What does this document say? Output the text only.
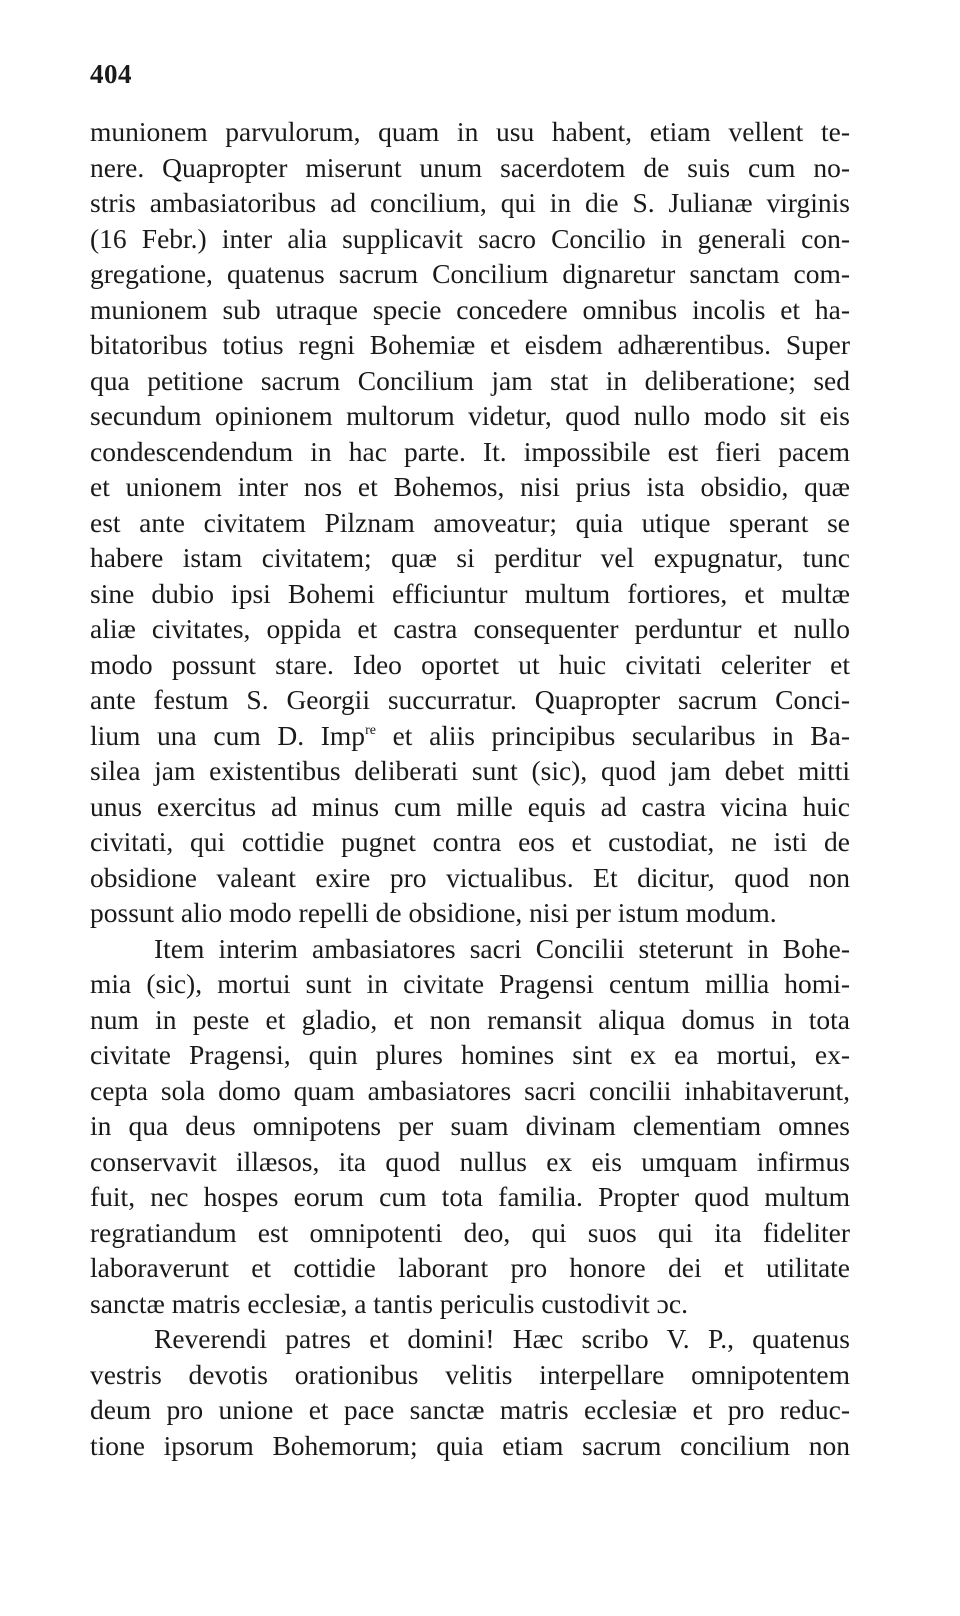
404

munionem parvulorum, quam in usu habent, etiam vellent te-
nere. Quapropter miserunt unum sacerdotem de suis cum no-
stris ambasiatoribus ad concilium, qui in die S. Julianæ virginis
(16 Febr.) inter alia supplicavit sacro Concilio in generali con-
gregatione, quatenus sacrum Concilium dignaretur sanctam com-
munionem sub utraque specie concedere omnibus incolis et ha-
bitatoribus totius regni Bohemiæ et eisdem adhærentibus. Super
qua petitione sacrum Concilium jam stat in deliberatione; sed
secundum opinionem multorum videtur, quod nullo modo sit eis
condescendendum in hac parte. It. impossibile est fieri pacem
et unionem inter nos et Bohemos, nisi prius ista obsidio, quæ
est ante civitatem Pilznam amoveatur; quia utique sperant se
habere istam civitatem; quæ si perditur vel expugnatur, tunc
sine dubio ipsi Bohemi efficiuntur multum fortiores, et multæ
aliæ civitates, oppida et castra consequenter perduntur et nullo
modo possunt stare. Ideo oportet ut huic civitati celeriter et
ante festum S. Georgii succurratur. Quapropter sacrum Conci-
lium una cum D. Imp$^{re}$ et aliis principibus secularibus in Ba-
silea jam existentibus deliberati sunt (sic), quod jam debet mitti
unus exercitus ad minus cum mille equis ad castra vicina huic
civitati, qui cottidie pugnet contra eos et custodiat, ne isti de
obsidione valeant exire pro victualibus. Et dicitur, quod non
possunt alio modo repelli de obsidione, nisi per istum modum.

Item interim ambasiatores sacri Concilii steterunt in Bohe-
mia (sic), mortui sunt in civitate Pragensi centum millia homi-
num in peste et gladio, et non remansit aliqua domus in tota
civitate Pragensi, quin plures homines sint ex ea mortui, ex-
cepta sola domo quam ambasiatores sacri concilii inhabitaverunt,
in qua deus omnipotens per suam divinam clementiam omnes
conservavit illæsos, ita quod nullus ex eis umquam infirmus
fuit, nec hospes eorum cum tota familia. Propter quod multum
regratiandum est omnipotenti deo, qui suos qui ita fideliter
laboraverunt et cottidie laborant pro honore dei et utilitate
sanctæ matris ecclesiæ, a tantis periculis custodivit ɔc.

Reverendi patres et domini! Hæc scribo V. P., quatenus
vestris devotis orationibus velitis interpellare omnipotentem
deum pro unione et pace sanctæ matris ecclesiæ et pro reduc-
tione ipsorum Bohemorum; quia etiam sacrum concilium non
